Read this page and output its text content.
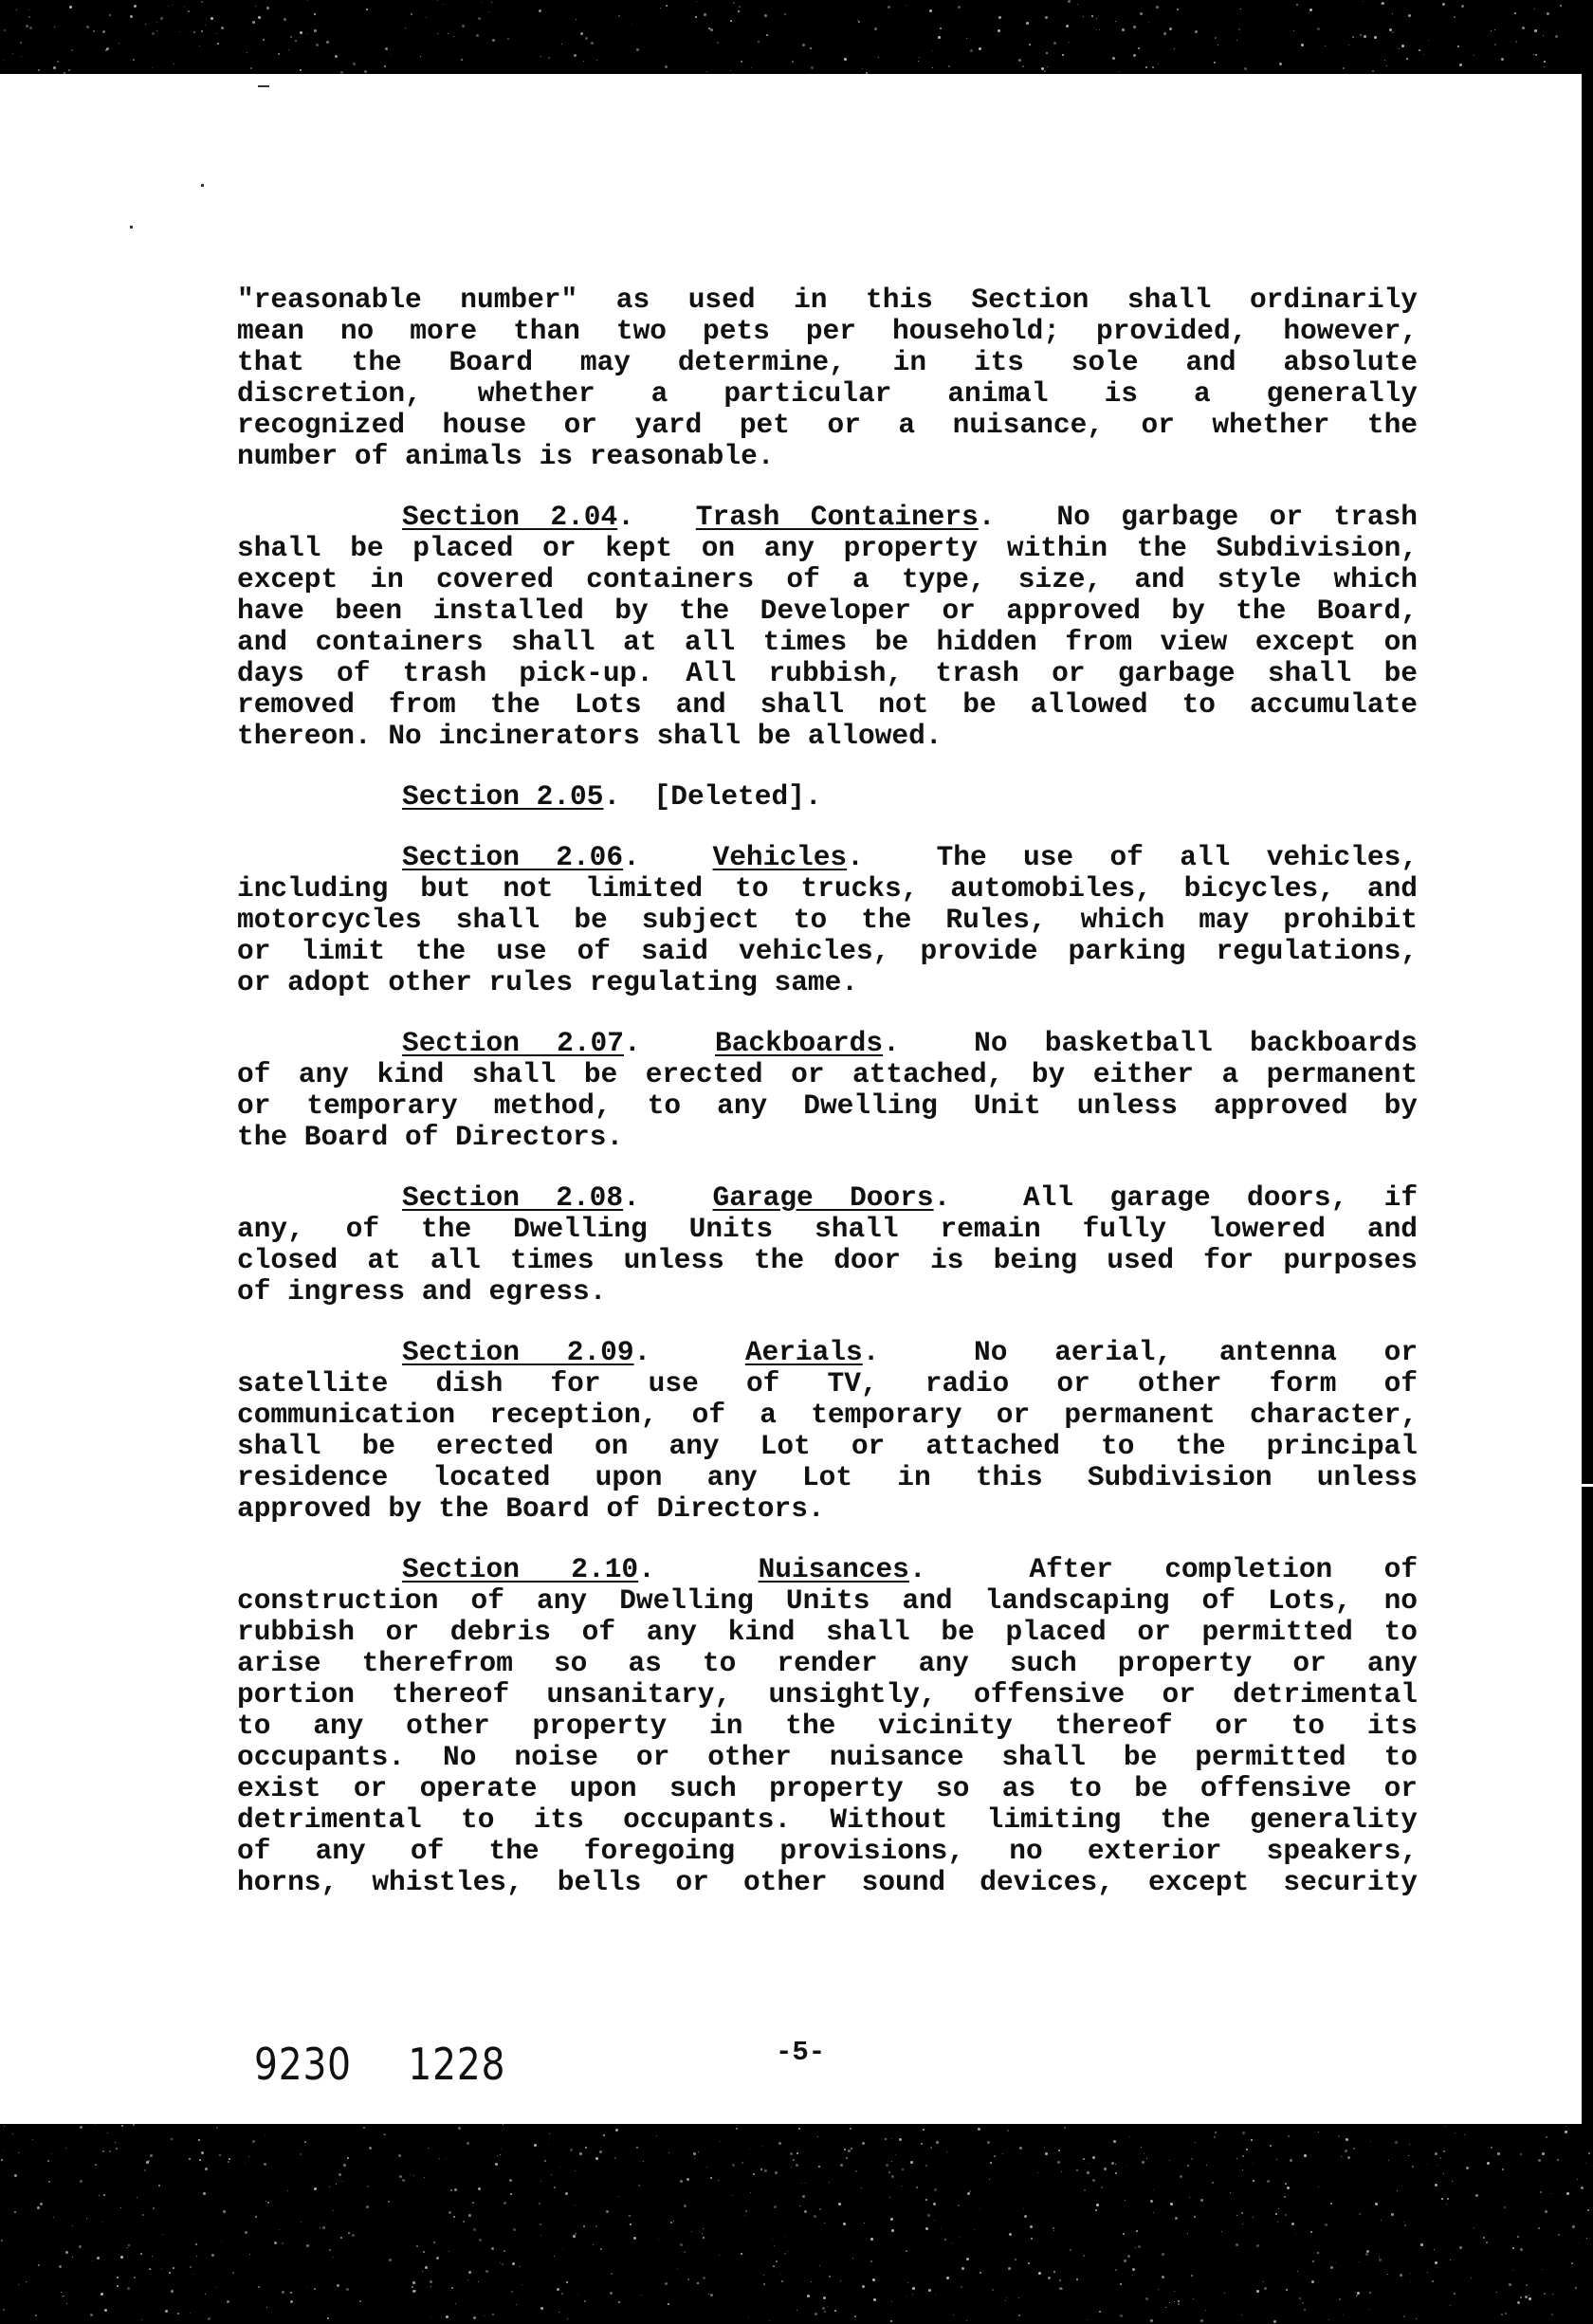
"reasonable number" as used in this Section shall ordinarily
mean no more than two pets per household; provided, however,
that the Board may determine, in its sole and absolute
discretion, whether a particular animal is a generally
recognized house or yard pet or a nuisance, or whether the
number of animals is reasonable.
Section 2.04.  Trash Containers.  No garbage or trash
shall be placed or kept on any property within the Subdivision,
except in covered containers of a type, size, and style which
have been installed by the Developer or approved by the Board,
and containers shall at all times be hidden from view except on
days of trash pick-up. All rubbish, trash or garbage shall be
removed from the Lots and shall not be allowed to accumulate
thereon. No incinerators shall be allowed.
Section 2.05.  [Deleted].
Section 2.06.  Vehicles.  The use of all vehicles,
including but not limited to trucks, automobiles, bicycles, and
motorcycles shall be subject to the Rules, which may prohibit
or limit the use of said vehicles, provide parking regulations,
or adopt other rules regulating same.
Section 2.07.  Backboards.  No basketball backboards
of any kind shall be erected or attached, by either a permanent
or temporary method, to any Dwelling Unit unless approved by
the Board of Directors.
Section 2.08.  Garage Doors.  All garage doors, if
any, of the Dwelling Units shall remain fully lowered and
closed at all times unless the door is being used for purposes
of ingress and egress.
Section 2.09.  Aerials.  No aerial, antenna or
satellite dish for use of TV, radio or other form of
communication reception, of a temporary or permanent character,
shall be erected on any Lot or attached to the principal
residence located upon any Lot in this Subdivision unless
approved by the Board of Directors.
Section 2.10.  Nuisances.  After completion of
construction of any Dwelling Units and landscaping of Lots, no
rubbish or debris of any kind shall be placed or permitted to
arise therefrom so as to render any such property or any
portion thereof unsanitary, unsightly, offensive or detrimental
to any other property in the vicinity thereof or to its
occupants. No noise or other nuisance shall be permitted to
exist or operate upon such property so as to be offensive or
detrimental to its occupants. Without limiting the generality
of any of the foregoing provisions, no exterior speakers,
horns, whistles, bells or other sound devices, except security
9230 1228	-5-
